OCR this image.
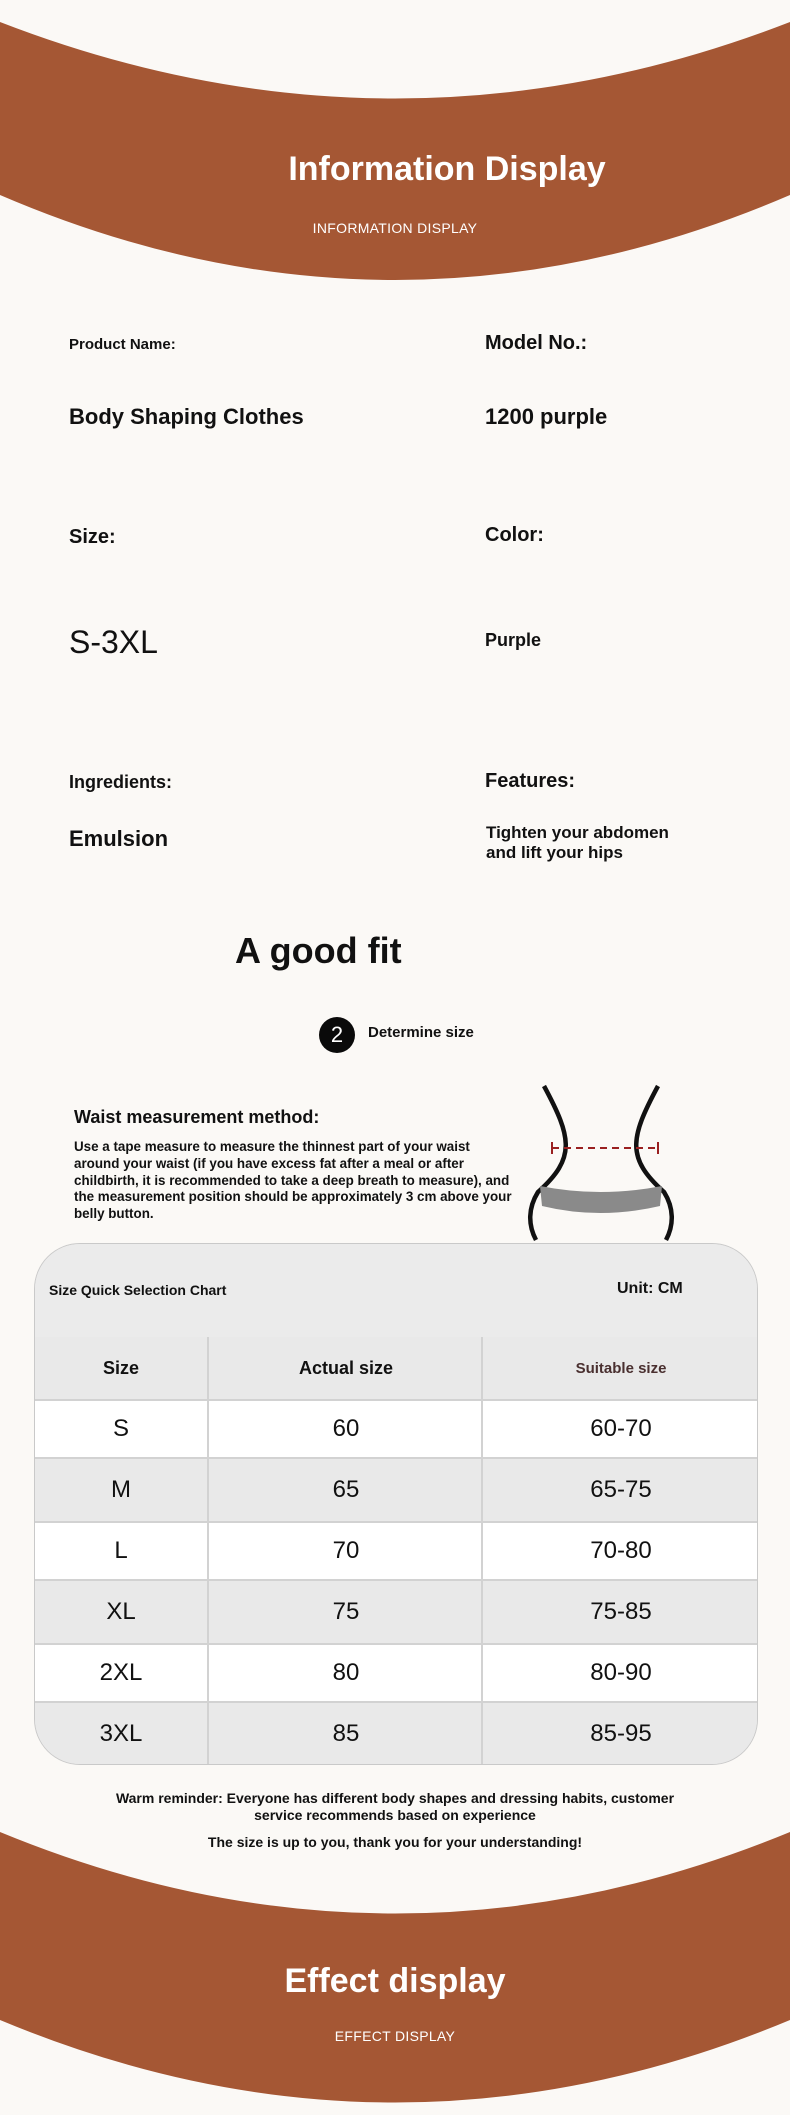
Information Display
INFORMATION DISPLAY
Product Name:
Body Shaping Clothes
Model No.:
1200 purple
Size:
S-3XL
Color:
Purple
Ingredients:
Emulsion
Features:
Tighten your abdomen and lift your hips
A good fit
2 Determine size
Waist measurement method:
Use a tape measure to measure the thinnest part of your waist around your waist (if you have excess fat after a meal or after childbirth, it is recommended to take a deep breath to measure), and the measurement position should be approximately 3 cm above your belly button.
Size Quick Selection Chart	Unit: CM
Size	Actual size	Suitable size
S	60	60-70
M	65	65-75
L	70	70-80
XL	75	75-85
2XL	80	80-90
3XL	85	85-95
Warm reminder: Everyone has different body shapes and dressing habits, customer
service recommends based on experience
The size is up to you, thank you for your understanding!
Effect display
EFFECT DISPLAY
